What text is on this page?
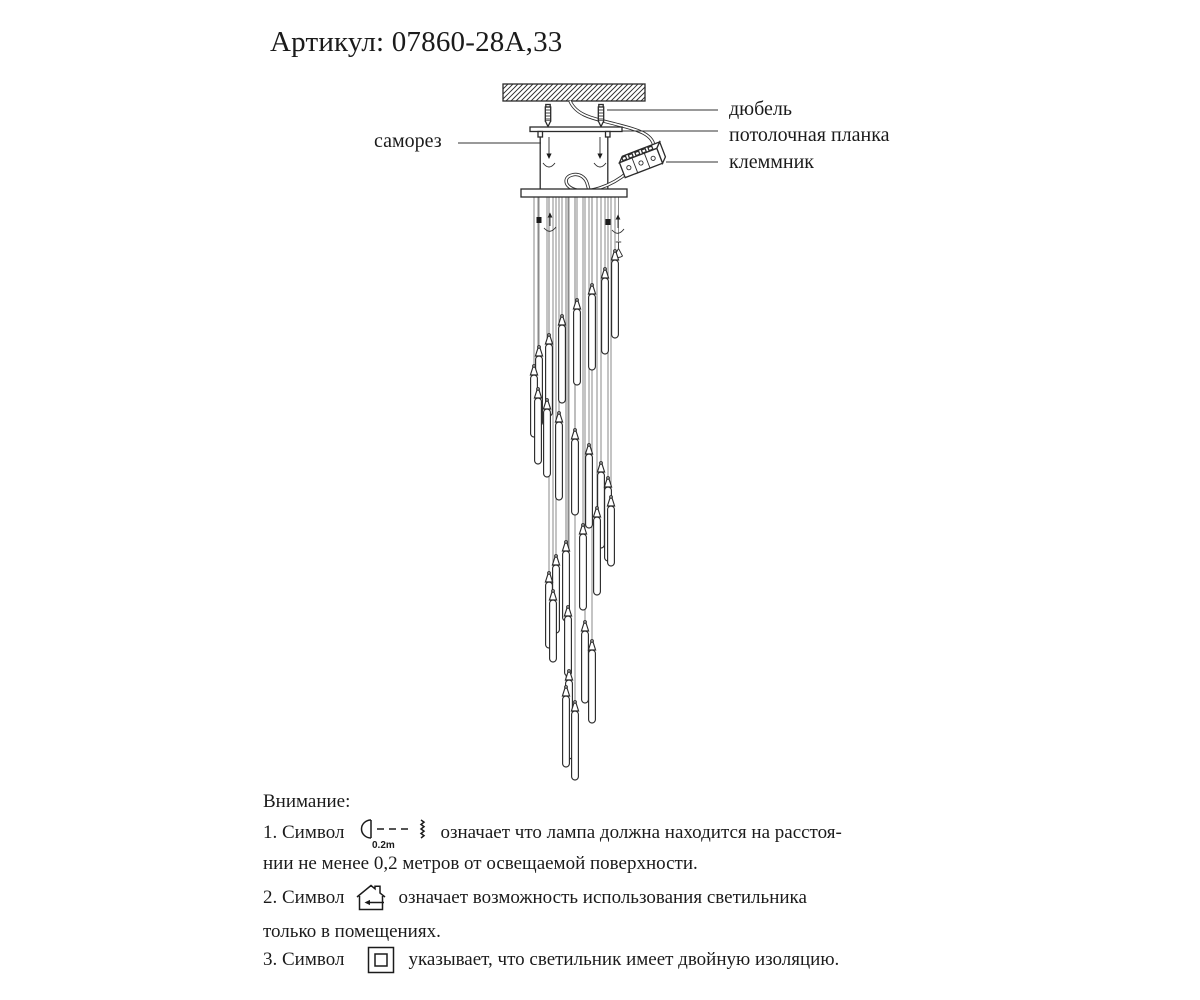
Артикул: 07860-28А,33
саморез
дюбель
потолочная планка
клеммник
Внимание:
1. Символ
0.2m
означает что лампа должна находится на расстоя-
нии не менее 0,2 метров от освещаемой поверхности.
2. Символ	означает возможность использования светильника
только в помещениях.
3. Символ	указывает, что светильник имеет двойную изоляцию.
